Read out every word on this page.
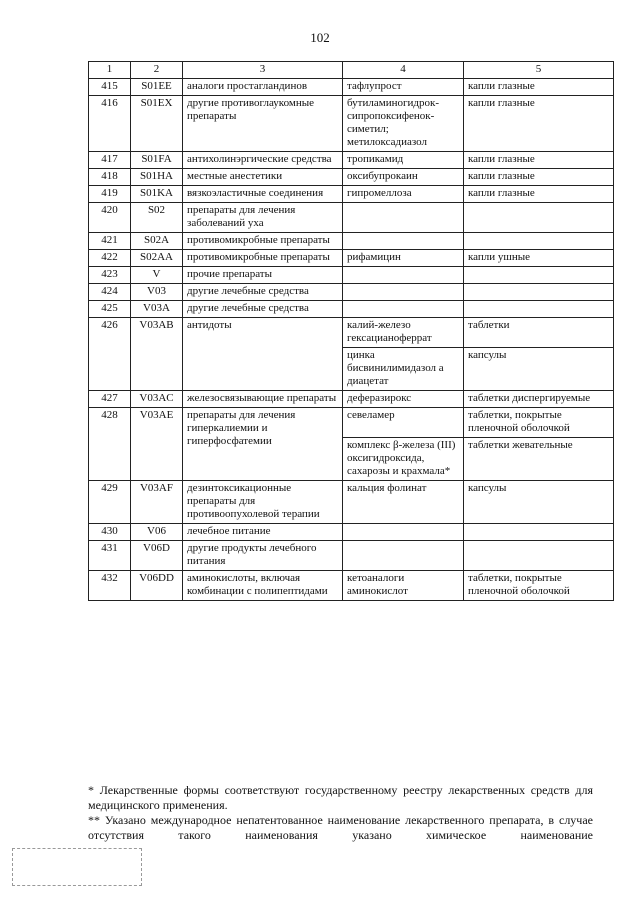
102
1	2	3	4	5
415	S01EE	аналоги простагландинов	тафлупрост	капли глазные
416	S01EX	другие противоглаукомные препараты	бутиламиногидрок-сипропоксифенок-симетил; метилоксадиазол	капли глазные
417	S01FA	антихолинэргические средства	тропикамид	капли глазные
418	S01HA	местные анестетики	оксибупрокаин	капли глазные
419	S01KA	вязкоэластичные соединения	гипромеллоза	капли глазные
420	S02	препараты для лечения заболеваний уха		
421	S02A	противомикробные препараты		
422	S02AA	противомикробные препараты	рифамицин	капли ушные
423	V	прочие препараты		
424	V03	другие лечебные средства		
425	V03A	другие лечебные средства		
426	V03AB	антидоты	калий-железо гексацианоферрат	таблетки
			цинка бисвинилимидазол а диацетат	капсулы
427	V03AC	железосвязывающие препараты	деферазирокс	таблетки диспергируемые
428	V03AE	препараты для лечения гиперкалиемии и гиперфосфатемии	севеламер	таблетки, покрытые пленочной оболочкой
			комплекс β-железа (III) оксигидроксида, сахарозы и крахмала*	таблетки жевательные
429	V03AF	дезинтоксикационные препараты для противоопухолевой терапии	кальция фолинат	капсулы
430	V06	лечебное питание		
431	V06D	другие продукты лечебного питания		
432	V06DD	аминокислоты, включая комбинации с полипептидами	кетоаналоги аминокислот	таблетки, покрытые пленочной оболочкой

* Лекарственные формы соответствуют государственному реестру лекарственных средств для медицинского применения.

** Указано международное непатентованное наименование лекарственного препарата, в случае отсутствия такого наименования указано химическое наименование
